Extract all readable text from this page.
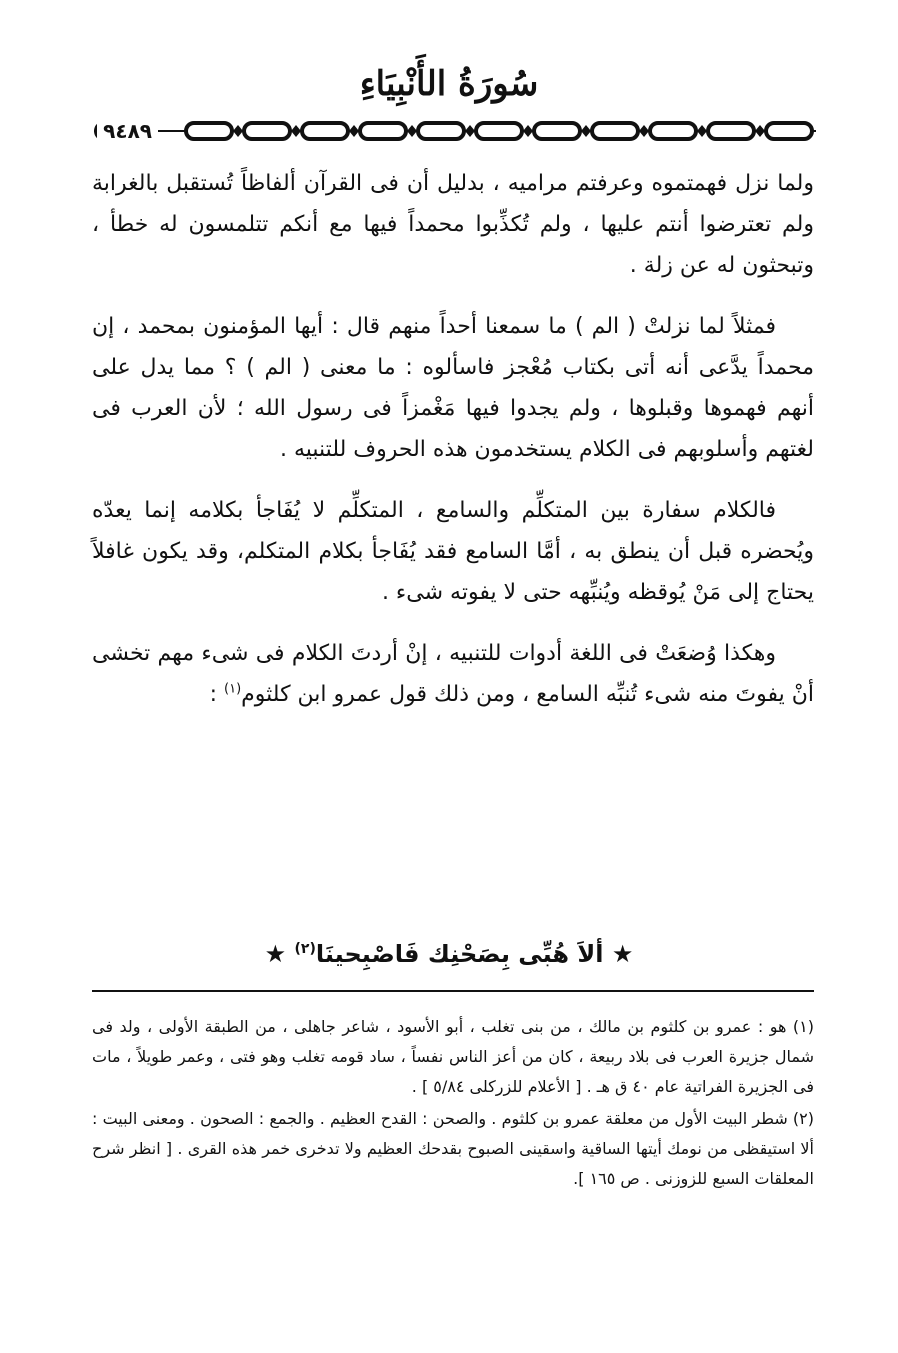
سُورَةُ الأَنْبِيَاءِ
٩٤٨٩

ولما نزل فهمتموه وعرفتم مراميه ، بدليل أن فى القرآن ألفاظاً تُستقبل بالغرابة ولم تعترضوا أنتم عليها ، ولم تُكذِّبوا محمداً فيها مع أنكم تتلمسون له خطأ ، وتبحثون له عن زلة .

فمثلاً لما نزلتْ ( الم ) ما سمعنا أحداً منهم قال : أيها المؤمنون بمحمد ، إن محمداً يدَّعى أنه أتى بكتاب مُعْجز فاسألوه : ما معنى ( الم ) ؟ مما يدل على أنهم فهموها وقبلوها ، ولم يجدوا فيها مَغْمزاً فى رسول الله ؛ لأن العرب فى لغتهم وأسلوبهم فى الكلام يستخدمون هذه الحروف للتنبيه .

فالكلام سفارة بين المتكلِّم والسامع ، المتكلِّم لا يُفَاجأ بكلامه إنما يعدّه ويُحضره قبل أن ينطق به ، أمَّا السامع فقد يُفَاجأ بكلام المتكلم، وقد يكون غافلاً يحتاج إلى مَنْ يُوقظه ويُنبِّهه حتى لا يفوته شىء .

وهكذا وُضعَتْ فى اللغة أدوات للتنبيه ، إنْ أردتَ الكلام فى شىء مهم تخشى أنْ يفوتَ منه شىء تُنبِّه السامع ، ومن ذلك قول عمرو ابن كلثوم$^{(١)}$ :

★ ألاَ هُبِّى بِصَحْنِك فَاصْبِحينَا$^{(٢)}$ ★

(١) هو : عمرو بن كلثوم بن مالك ، من بنى تغلب ، أبو الأسود ، شاعر جاهلى ، من الطبقة الأولى ، ولد فى شمال جزيرة العرب فى بلاد ربيعة ، كان من أعز الناس نفساً ، ساد قومه تغلب وهو فتى ، وعمر طويلاً ، مات فى الجزيرة الفراتية عام ٤٠ ق هـ . [ الأعلام للزركلى ٥/٨٤ ] .

(٢) شطر البيت الأول من معلقة عمرو بن كلثوم . والصحن : القدح العظيم . والجمع : الصحون . ومعنى البيت : ألا استيقظى من نومك أيتها الساقية واسقينى الصبوح بقدحك العظيم ولا تدخرى خمر هذه القرى . [ انظر شرح المعلقات السبع للزوزنى . ص ١٦٥ ].
